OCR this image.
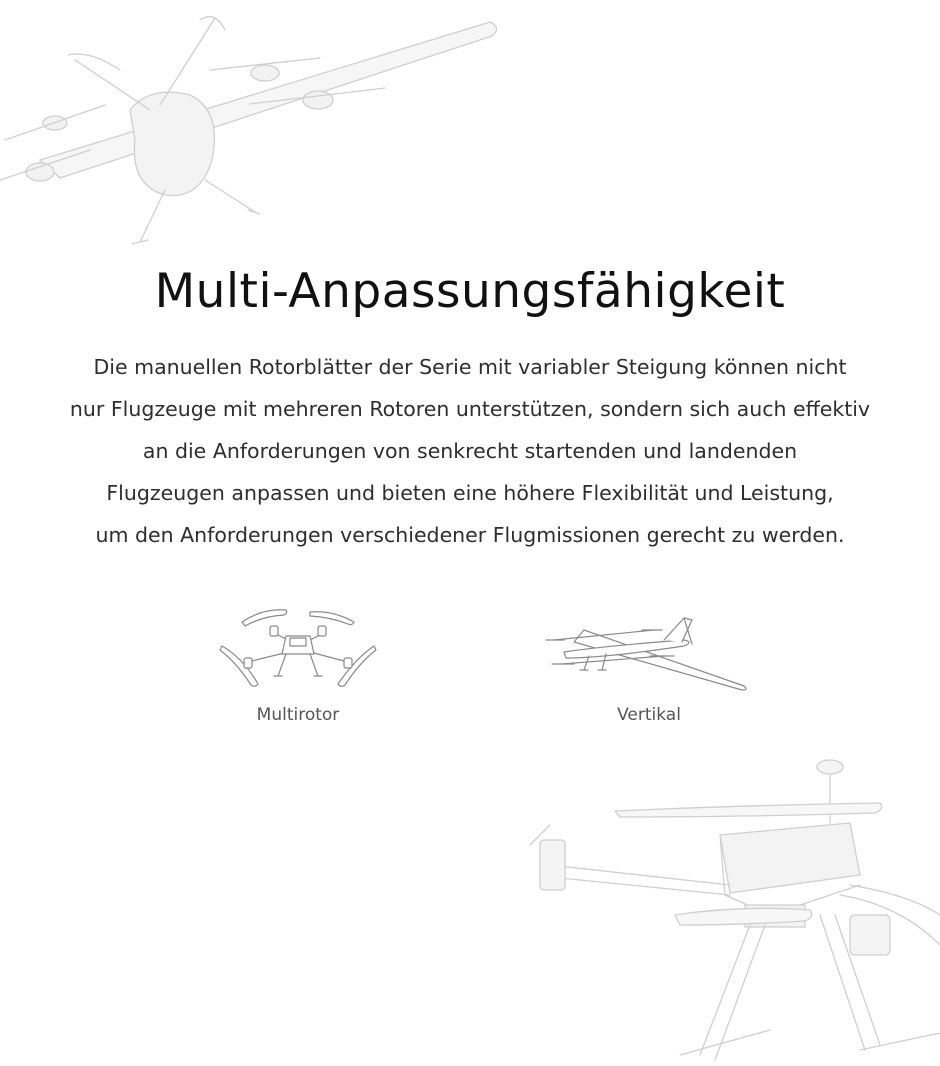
Multi-Anpassungsfähigkeit

Die manuellen Rotorblätter der Serie mit variabler Steigung können nicht
nur Flugzeuge mit mehreren Rotoren unterstützen, sondern sich auch effektiv
an die Anforderungen von senkrecht startenden und landenden
Flugzeugen anpassen und bieten eine höhere Flexibilität und Leistung,
um den Anforderungen verschiedener Flugmissionen gerecht zu werden.

Multirotor	Vertikal
